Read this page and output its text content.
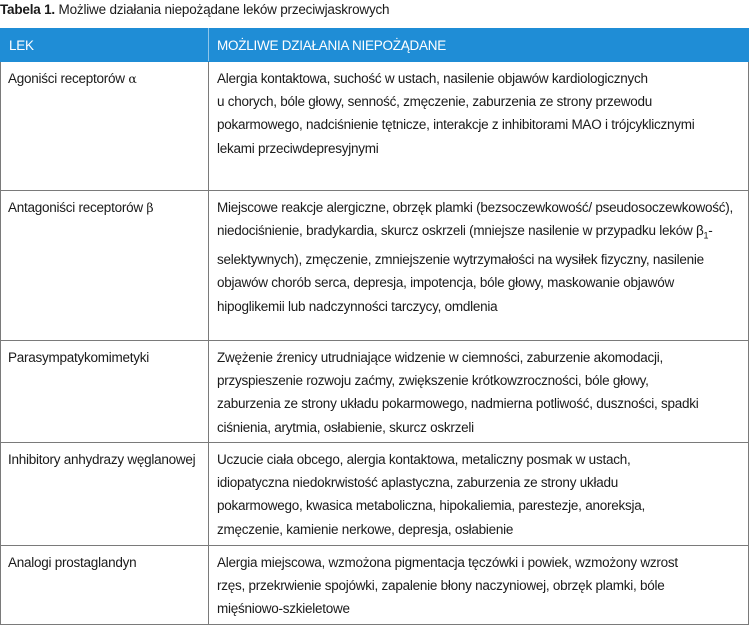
Tabela 1. Możliwe działania niepożądane leków przeciwjaskrowych
LEK	MOŻLIWE DZIAŁANIA NIEPOŻĄDANE
Agoniści receptorów α	Alergia kontaktowa, suchość w ustach, nasilenie objawów kardiologicznych
u chorych, bóle głowy, senność, zmęczenie, zaburzenia ze strony przewodu
pokarmowego, nadciśnienie tętnicze, interakcje z inhibitorami MAO i trójcyklicznymi
lekami przeciwdepresyjnymi
Antagoniści receptorów β	Miejscowe reakcje alergiczne, obrzęk plamki (bezsoczewkowość/ pseudosoczewkowość), niedociśnienie, bradykardia, skurcz oskrzeli (mniejsze nasilenie w przypadku leków $\beta_1-selektywnych$), zmęczenie, zmniejszenie wytrzymałości na wysiłek fizyczny, nasilenie objawów chorób serca, depresja, impotencja, bóle głowy, maskowanie objawów hipoglikemii lub nadczynności tarczycy, omdlenia
Parasympatykomimetyki	Zwężenie źrenicy utrudniające widzenie w ciemności, zaburzenie akomodacji,
przyspieszenie rozwoju zaćmy, zwiększenie krótkowzroczności, bóle głowy,
zaburzenia ze strony układu pokarmowego, nadmierna potliwość, duszności, spadki
ciśnienia, arytmia, osłabienie, skurcz oskrzeli
Inhibitory anhydrazy węglanowej	Uczucie ciała obcego, alergia kontaktowa, metaliczny posmak w ustach,
idiopatyczna niedokrwistość aplastyczna, zaburzenia ze strony układu
pokarmowego, kwasica metaboliczna, hipokaliemia, parestezje, anoreksja,
zmęczenie, kamienie nerkowe, depresja, osłabienie
Analogi prostaglandyn	Alergia miejscowa, wzmożona pigmentacja tęczówki i powiek, wzmożony wzrost
rzęs, przekrwienie spojówki, zapalenie błony naczyniowej, obrzęk plamki, bóle
mięśniowo-szkieletowe
